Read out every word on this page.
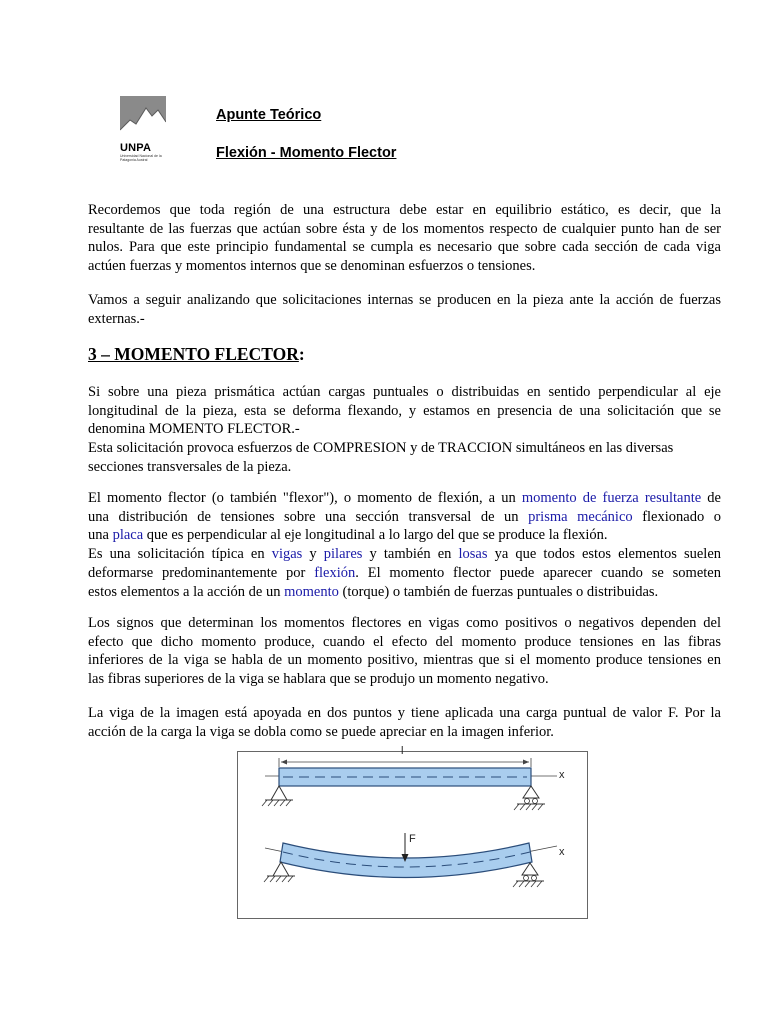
UNPA
Universidad Nacional de la Patagonia Austral
Apunte Teórico
Flexión - Momento Flector
Recordemos que toda región de una estructura debe estar en equilibrio estático, es decir, que la
resultante de las fuerzas que actúan sobre ésta y de los momentos respecto de cualquier punto han de ser
nulos. Para que este principio fundamental se cumpla es necesario que sobre cada sección de cada viga
actúen fuerzas y momentos internos que se denominan esfuerzos o tensiones.
Vamos a seguir analizando que solicitaciones internas se producen en la pieza ante la acción de fuerzas
externas.-
3 – MOMENTO FLECTOR:
Si sobre una pieza prismática actúan cargas puntuales o distribuidas en sentido perpendicular al eje
longitudinal de la pieza, esta se deforma flexando, y estamos en presencia de una solicitación que se
denomina MOMENTO FLECTOR.-
Esta solicitación provoca esfuerzos de COMPRESION y de TRACCION simultáneos en las diversas
secciones transversales de la pieza.
El momento flector (o también "flexor"), o momento de flexión, a un momento de fuerza resultante de
una distribución de tensiones sobre una sección transversal de un prisma mecánico flexionado o
una placa que es perpendicular al eje longitudinal a lo largo del que se produce la flexión.
Es una solicitación típica en vigas y pilares y también en losas ya que todos estos elementos suelen
deformarse predominantemente por flexión. El momento flector puede aparecer cuando se someten
estos elementos a la acción de un momento (torque) o también de fuerzas puntuales o distribuidas.
Los signos que determinan los momentos flectores en vigas como positivos o negativos dependen del
efecto que dicho momento produce, cuando el efecto del momento produce tensiones en las fibras
inferiores de la viga se habla de un momento positivo, mientras que si el momento produce tensiones en
las fibras superiores de la viga se hablara que se produjo un momento negativo.
La viga de la imagen está apoyada en dos puntos y tiene aplicada una carga puntual de valor F. Por la
acción de la carga la viga se dobla como se puede apreciar en la imagen inferior.
l
x
F
x
